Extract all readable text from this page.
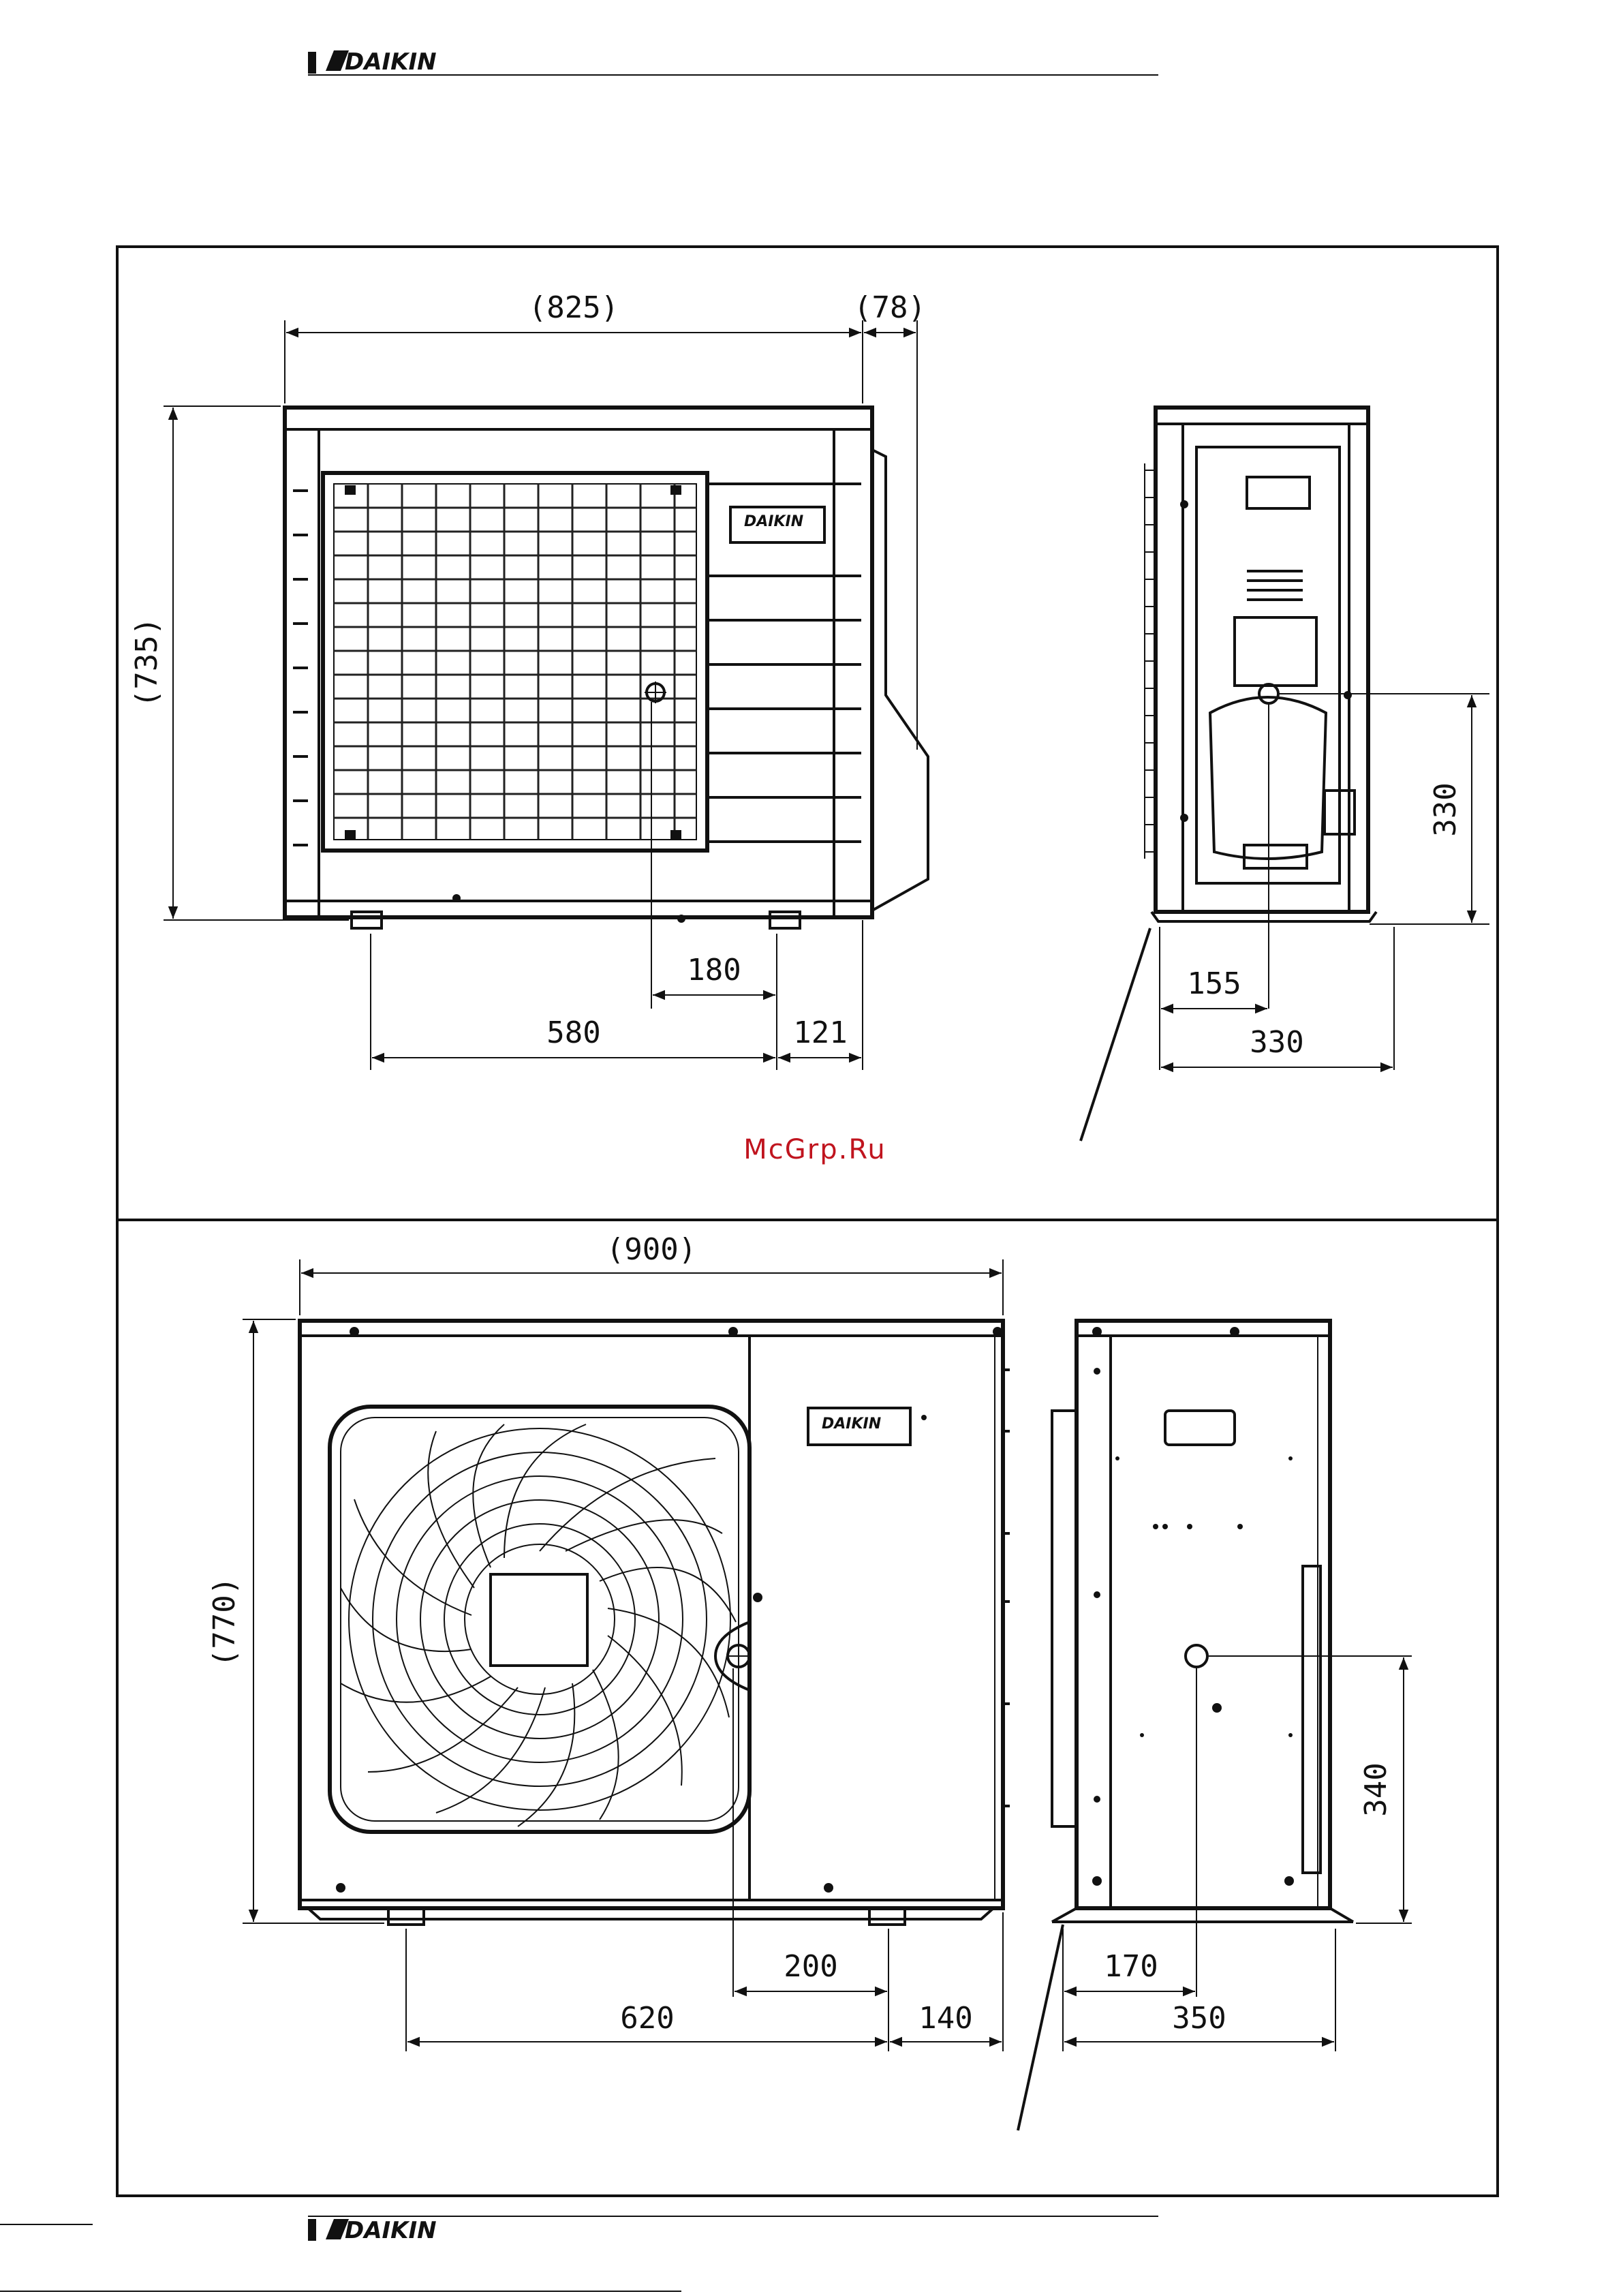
DAIKIN
DAIKIN
(825)	(78)
(735)
180
580	121
330
155
330
McGrp.Ru
DAIKIN
(900)
(770)
200
620	140
340
170
350
DAIKIN
